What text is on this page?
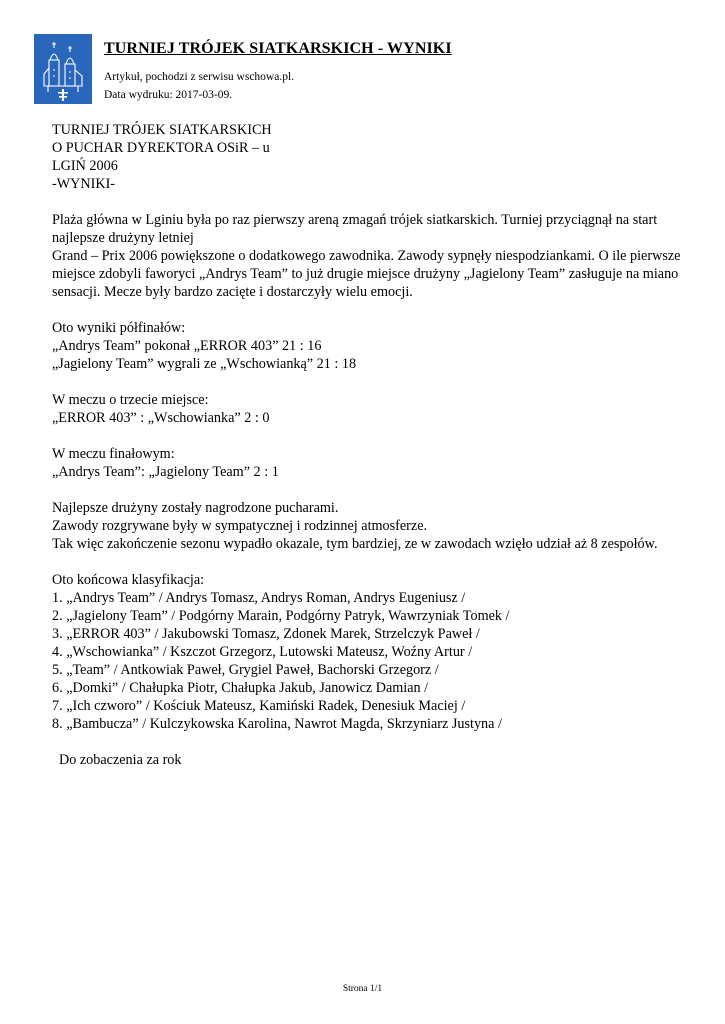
TURNIEJ TRÓJEK SIATKARSKICH - WYNIKI
Artykuł, pochodzi z serwisu wschowa.pl.
Data wydruku: 2017-03-09.
TURNIEJ TRÓJEK SIATKARSKICH
O PUCHAR DYREKTORA OSiR – u
LGIŃ 2006
-WYNIKI-
Plaża główna w Lginiu była po raz pierwszy areną zmagań trójek siatkarskich. Turniej przyciągnął na start najlepsze drużyny letniej
Grand – Prix 2006 powiększone o dodatkowego zawodnika. Zawody sypnęły niespodziankami. O ile pierwsze miejsce zdobyli faworyci „Andrys Team” to już drugie miejsce drużyny „Jagielony Team” zasługuje na miano sensacji. Mecze były bardzo zacięte i dostarczyły wielu emocji.
Oto wyniki półfinałów:
„Andrys Team” pokonał „ERROR 403” 21 : 16
„Jagielony Team” wygrali ze „Wschowianką” 21 : 18
W meczu o trzecie miejsce:
„ERROR 403” : „Wschowianka” 2 : 0
W meczu finałowym:
„Andrys Team”: „Jagielony Team” 2 : 1
Najlepsze drużyny zostały nagrodzone pucharami.
Zawody rozgrywane były w sympatycznej i rodzinnej atmosferze.
Tak więc zakończenie sezonu wypadło okazale, tym bardziej, ze w zawodach wzięło udział aż 8 zespołów.
Oto końcowa klasyfikacja:
1. „Andrys Team” / Andrys Tomasz, Andrys Roman, Andrys Eugeniusz /
2. „Jagielony Team” / Podgórny Marain, Podgórny Patryk, Wawrzyniak Tomek /
3. „ERROR 403” / Jakubowski Tomasz, Zdonek Marek, Strzelczyk Paweł /
4. „Wschowianka” / Kszczot Grzegorz, Lutowski Mateusz, Woźny Artur /
5. „Team” / Antkowiak Paweł, Grygiel Paweł, Bachorski Grzegorz /
6. „Domki” / Chałupka Piotr, Chałupka Jakub, Janowicz Damian /
7. „Ich czworo” / Kościuk Mateusz, Kamiński Radek, Denesiuk Maciej /
8. „Bambucza” / Kulczykowska Karolina, Nawrot Magda, Skrzyniarz Justyna /
Do zobaczenia za rok
Strona 1/1
